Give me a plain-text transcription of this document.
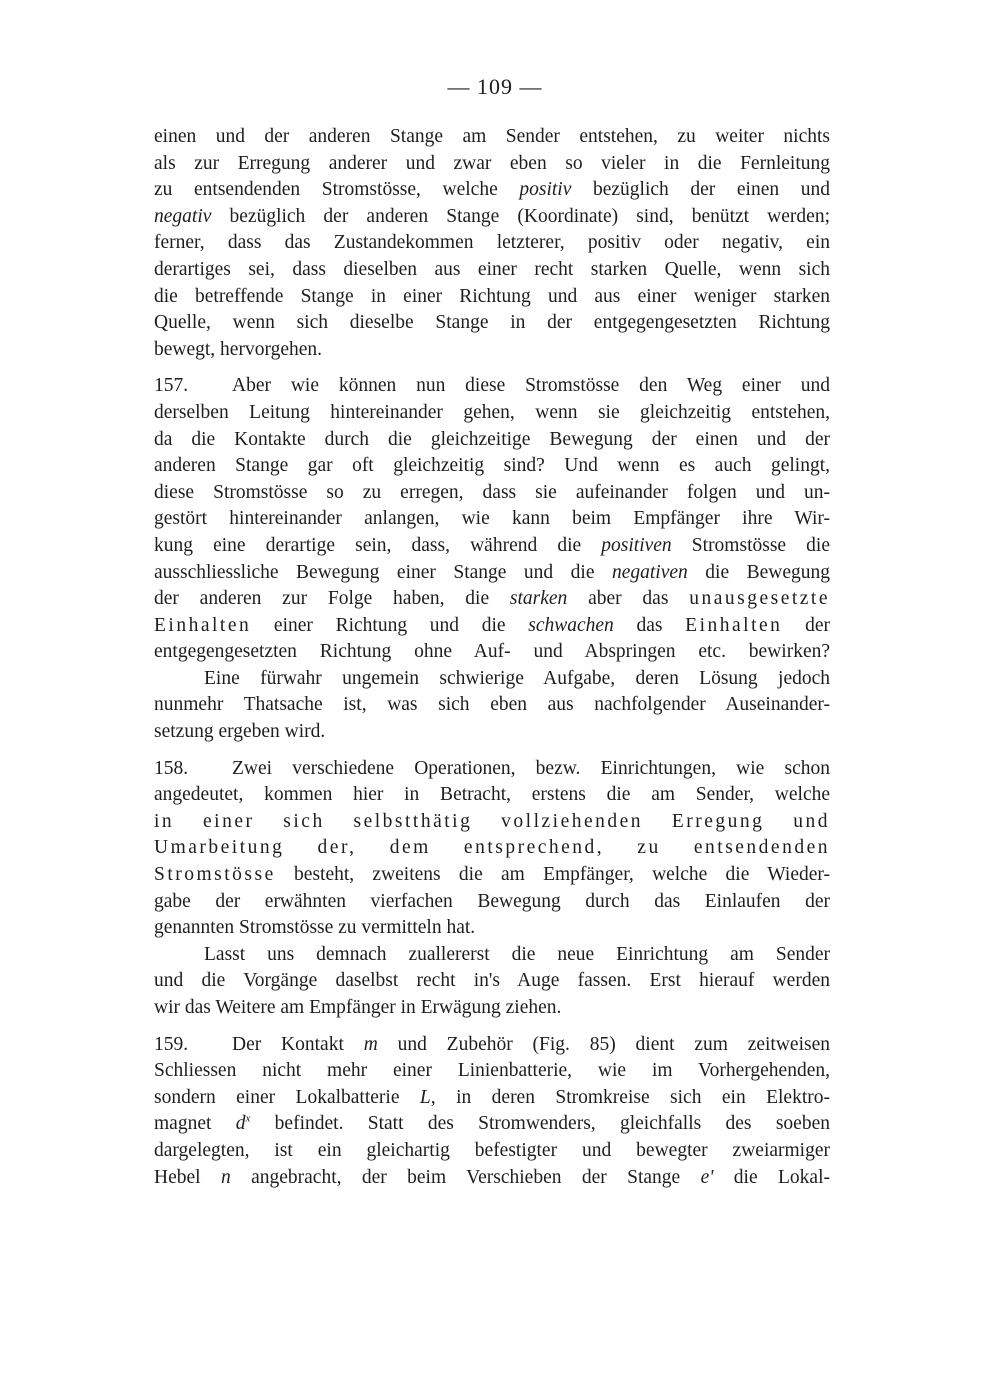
— 109 —
einen und der anderen Stange am Sender entstehen, zu weiter nichts
als zur Erregung anderer und zwar eben so vieler in die Fernleitung
zu entsendenden Stromstösse, welche positiv bezüglich der einen und
negativ bezüglich der anderen Stange (Koordinate) sind, benützt werden;
ferner, dass das Zustandekommen letzterer, positiv oder negativ, ein
derartiges sei, dass dieselben aus einer recht starken Quelle, wenn sich
die betreffende Stange in einer Richtung und aus einer weniger starken
Quelle, wenn sich dieselbe Stange in der entgegengesetzten Richtung
bewegt, hervorgehen.
157. Aber wie können nun diese Stromstösse den Weg einer und
derselben Leitung hintereinander gehen, wenn sie gleichzeitig entstehen,
da die Kontakte durch die gleichzeitige Bewegung der einen und der
anderen Stange gar oft gleichzeitig sind? Und wenn es auch gelingt,
diese Stromstösse so zu erregen, dass sie aufeinander folgen und un-
gestört hintereinander anlangen, wie kann beim Empfänger ihre Wir-
kung eine derartige sein, dass, während die positiven Stromstösse die
ausschliessliche Bewegung einer Stange und die negativen die Bewegung
der anderen zur Folge haben, die starken aber das unausgesetzte
Einhalten einer Richtung und die schwachen das Einhalten der
entgegengesetzten Richtung ohne Auf- und Abspringen etc. bewirken?
Eine fürwahr ungemein schwierige Aufgabe, deren Lösung jedoch
nunmehr Thatsache ist, was sich eben aus nachfolgender Auseinander-
setzung ergeben wird.
158. Zwei verschiedene Operationen, bezw. Einrichtungen, wie schon
angedeutet, kommen hier in Betracht, erstens die am Sender, welche
in einer sich selbstthätig vollziehenden Erregung und
Umarbeitung der, dem entsprechend, zu entsendenden
Stromstösse besteht, zweitens die am Empfänger, welche die Wieder-
gabe der erwähnten vierfachen Bewegung durch das Einlaufen der
genannten Stromstösse zu vermitteln hat.
Lasst uns demnach zuallererst die neue Einrichtung am Sender
und die Vorgänge daselbst recht in's Auge fassen. Erst hierauf werden
wir das Weitere am Empfänger in Erwägung ziehen.
159. Der Kontakt m und Zubehör (Fig. 85) dient zum zeitweisen
Schliessen nicht mehr einer Linienbatterie, wie im Vorhergehenden,
sondern einer Lokalbatterie L, in deren Stromkreise sich ein Elektro-
magnet $d^x$ befindet. Statt des Stromwenders, gleichfalls des soeben
dargelegten, ist ein gleichartig befestigter und bewegter zweiarmiger
Hebel n angebracht, der beim Verschieben der Stange e' die Lokal-
